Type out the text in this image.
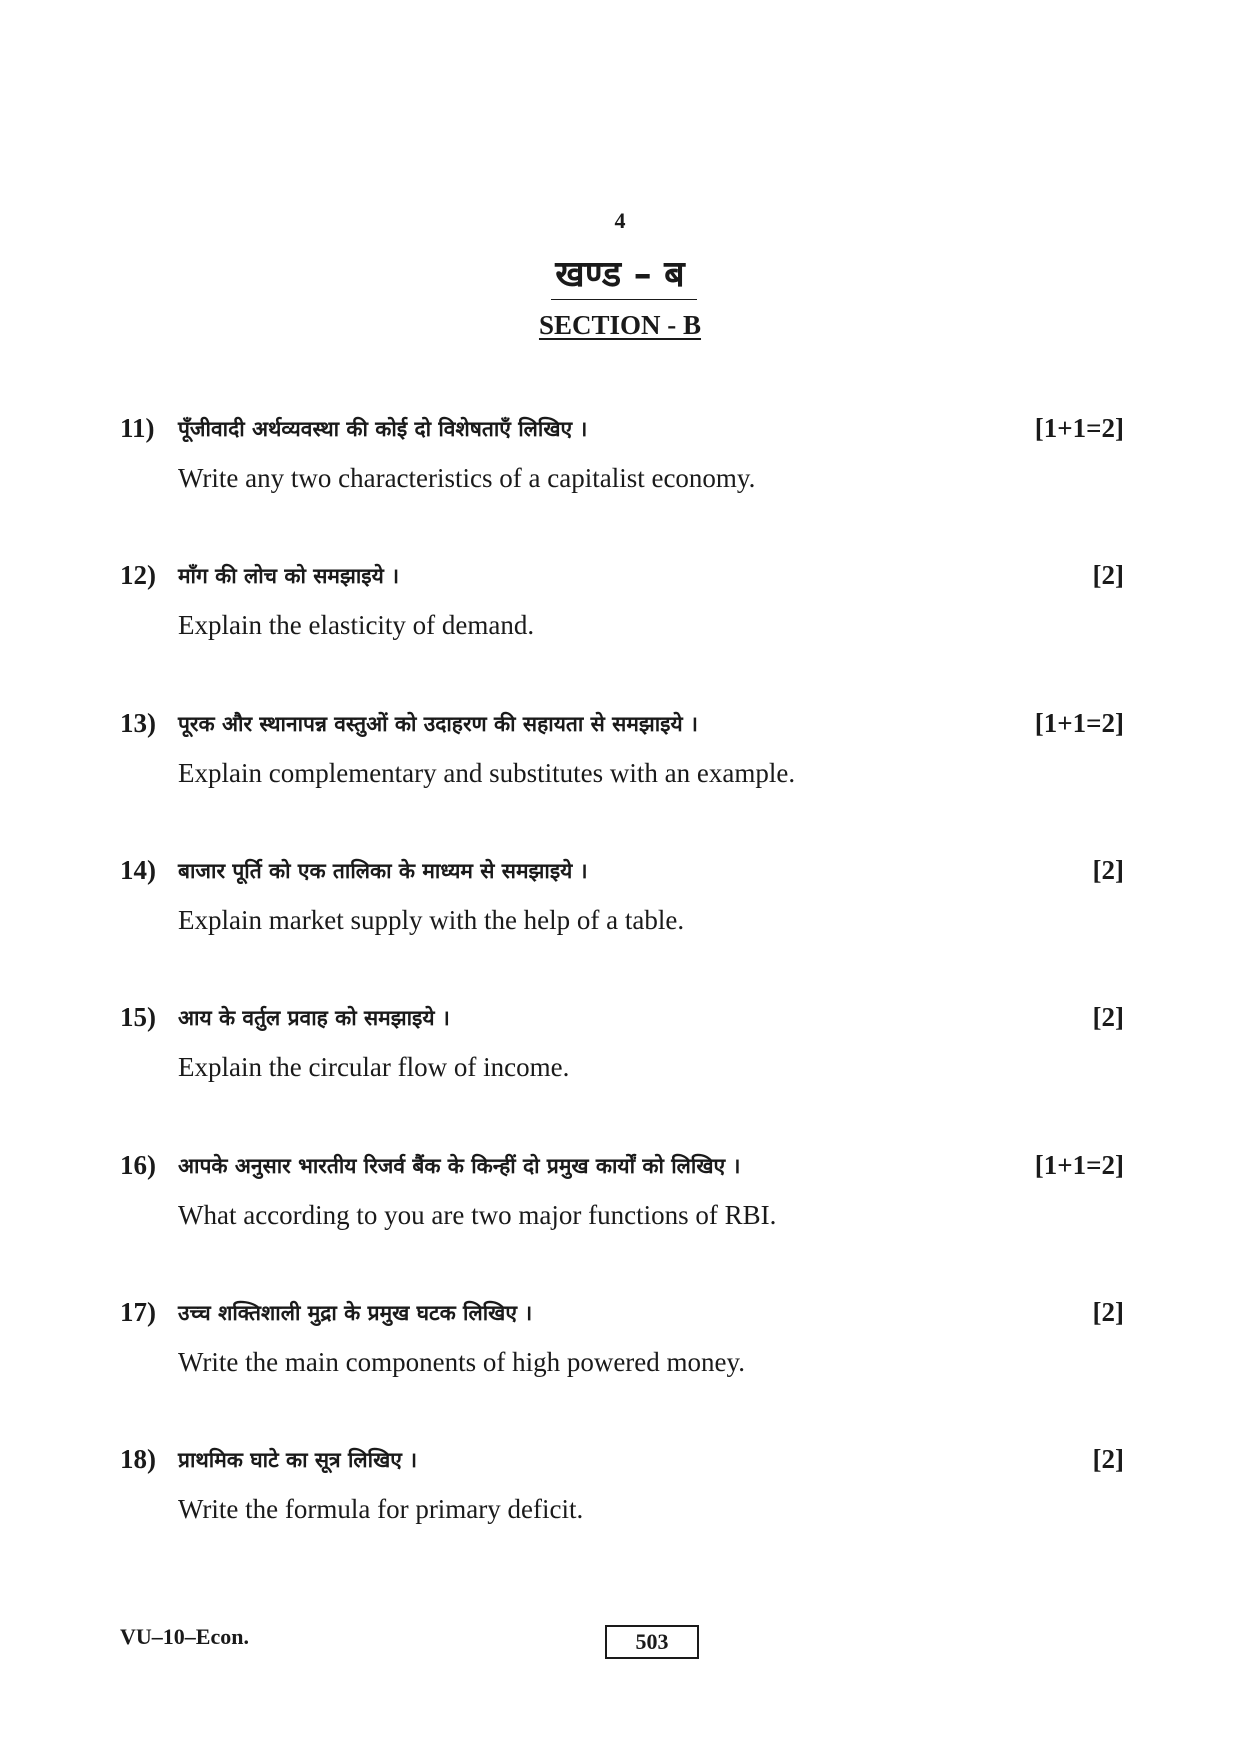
4
खण्ड – ब
SECTION - B
11) पूँजीवादी अर्थव्यवस्था की कोई दो विशेषताएँ लिखिए ।	[1+1=2]
Write any two characteristics of a capitalist economy.
12) माँग की लोच को समझाइये ।	[2]
Explain the elasticity of demand.
13) पूरक और स्थानापन्न वस्तुओं को उदाहरण की सहायता से समझाइये ।	[1+1=2]
Explain complementary and substitutes with an example.
14) बाजार पूर्ति को एक तालिका के माध्यम से समझाइये ।	[2]
Explain market supply with the help of a table.
15) आय के वर्तुल प्रवाह को समझाइये ।	[2]
Explain the circular flow of income.
16) आपके अनुसार भारतीय रिजर्व बैंक के किन्हीं दो प्रमुख कार्यों को लिखिए ।	[1+1=2]
What according to you are two major functions of RBI.
17) उच्च शक्तिशाली मुद्रा के प्रमुख घटक लिखिए ।	[2]
Write the main components of high powered money.
18) प्राथमिक घाटे का सूत्र लिखिए ।	[2]
Write the formula for primary deficit.
VU–10–Econ.	503
